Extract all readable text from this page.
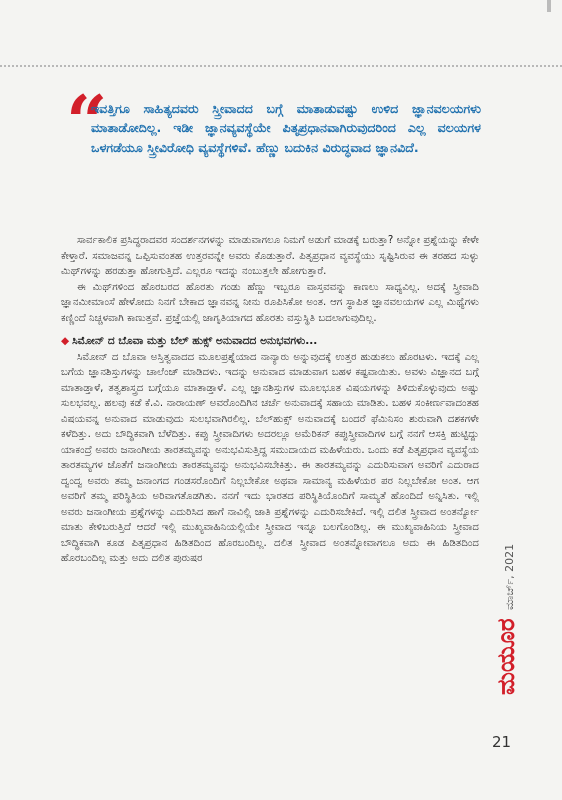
“

ಇವತ್ತಿಗೂ ಸಾಹಿತ್ಯದವರು ಸ್ತ್ರೀವಾದದ ಬಗ್ಗೆ ಮಾತಾಡುವಷ್ಟು ಉಳಿದ ಜ್ಞಾನವಲಯಗಳು ಮಾತಾಡೋದಿಲ್ಲ. ಇಡೀ ಜ್ಞಾನವ್ಯವಸ್ಥೆಯೇ ಪಿತೃಪ್ರಧಾನವಾಗಿರುವುದರಿಂದ ಎಲ್ಲ ವಲಯಗಳ ಒಳಗಡೆಯೂ ಸ್ತ್ರೀವಿರೋಧಿ ವ್ಯವಸ್ಥೆಗಳಿವೆ. ಹೆಣ್ಣು ಬದುಕಿನ ವಿರುದ್ಧವಾದ ಜ್ಞಾನವಿದೆ.

ಸಾರ್ವಕಾಲಿಕ ಪ್ರಸಿದ್ಧರಾದವರ ಸಂದರ್ಶನಗಳನ್ನು ಮಾಡುವಾಗಲೂ ನಿಮಗೆ ಅಡುಗೆ ಮಾಡಕ್ಕೆ ಬರುತ್ತಾ? ಅನ್ನೋ ಪ್ರಶ್ನೆಯನ್ನು ಕೇಳೇ ಕೇಳ್ತಾರೆ. ಸಮಾಜವನ್ನ ಒಪ್ಪಿಸುವಂತಹ ಉತ್ತರವನ್ನೇ ಅವರು ಕೊಡುತ್ತಾರೆ. ಪಿತೃಪ್ರಧಾನ ವ್ಯವಸ್ಥೆಯು ಸೃಷ್ಟಿಸಿರುವ ಈ ತರಹದ ಸುಳ್ಳು ಮಿಥ್‌ಗಳನ್ನು ಹರಡುತ್ತಾ ಹೋಗುತ್ತಿದೆ. ಎಲ್ಲರೂ ಇದನ್ನು ನಂಬುತ್ತಲೇ ಹೋಗುತ್ತಾರೆ.

ಈ ಮಿಥ್‌ಗಳಿಂದ ಹೊರಬರದ ಹೊರತು ಗಂಡು ಹೆಣ್ಣು ಇಬ್ಬರೂ ವಾಸ್ತವವನ್ನು ಕಾಣಲು ಸಾಧ್ಯವಿಲ್ಲ. ಅದಕ್ಕೆ ಸ್ತ್ರೀವಾದಿ ಜ್ಞಾನಮೀಮಾಂಸೆ ಹೇಳೋದು ನಿನಗೆ ಬೇಕಾದ ಜ್ಞಾನವನ್ನ ನೀನು ರೂಪಿಸಿಕೋ ಅಂತ. ಆಗ ಸ್ಥಾಪಿತ ಜ್ಞಾನವಲಯಗಳ ಎಲ್ಲ ಮಿಥ್ಯೆಗಳು ಕಣ್ಣಿಂದೆ ನಿಚ್ಚಳವಾಗಿ ಕಾಣುತ್ತವೆ. ಪ್ರಜ್ಞೆಯಲ್ಲಿ ಜಾಗೃತಿಯಾಗದ ಹೊರತು ವಸ್ತುಸ್ಥಿತಿ ಬದಲಾಗುವುದಿಲ್ಲ.

◆ ಸಿಮೋನ್ ದ ಬೊವಾ ಮತ್ತು ಬೆಲ್ ಹುಕ್ಸ್ ಅನುವಾದದ ಅನುಭವಗಳು...

ಸಿಮೋನ್ ದ ಬೊವಾ ಅಸ್ತಿತ್ವವಾದದ ಮೂಲಪ್ರಶ್ನೆಯಾದ ನಾನ್ಯಾರು ಅನ್ನುವುದಕ್ಕೆ ಉತ್ತರ ಹುಡುಕಲು ಹೊರಟಳು. ಇದಕ್ಕೆ ಎಲ್ಲ ಬಗೆಯ ಜ್ಞಾನಶಿಸ್ತುಗಳನ್ನು ಚಾಲೆಂಜ್ ಮಾಡಿದಳು. ಇದನ್ನು ಅನುವಾದ ಮಾಡುವಾಗ ಬಹಳ ಕಷ್ಟವಾಯಿತು. ಅವಳು ವಿಜ್ಞಾನದ ಬಗ್ಗೆ ಮಾತಾಡ್ತಾಳೆ, ತತ್ವಶಾಸ್ತ್ರದ ಬಗ್ಗೆಯೂ ಮಾತಾಡ್ತಾಳೆ. ಎಲ್ಲ ಜ್ಞಾನಶಿಸ್ತುಗಳ ಮೂಲಭೂತ ವಿಷಯಗಳನ್ನು ತಿಳಿದುಕೊಳ್ಳುವುದು ಅಷ್ಟು ಸುಲಭವಲ್ಲ. ಹಲವು ಕಡೆ ಕೆ.ವಿ. ನಾರಾಯಣ್ ಅವರೊಂದಿಗಿನ ಚರ್ಚೆ ಅನುವಾದಕ್ಕೆ ಸಹಾಯ ಮಾಡಿತು. ಬಹಳ ಸಂಕೀರ್ಣವಾದಂತಹ ವಿಷಯವನ್ನ ಅನುವಾದ ಮಾಡುವುದು ಸುಲಭವಾಗಿರಲಿಲ್ಲ. ಬೆಲ್‌ಹುಕ್ಸ್ ಅನುವಾದಕ್ಕೆ ಬಂದರೆ ಫೆಮಿನಿಸಂ ಶುರುವಾಗಿ ದಶಕಗಳೇ ಕಳೆದಿತ್ತು. ಅದು ಬೌದ್ಧಿಕವಾಗಿ ಬೆಳೆದಿತ್ತು. ಕಪ್ಪು ಸ್ತ್ರೀವಾದಿಗಳು ಅದರಲ್ಲೂ ಅಮೆರಿಕನ್ ಕಪ್ಪುಸ್ತ್ರೀವಾದಿಗಳ ಬಗ್ಗೆ ನನಗೆ ಆಸಕ್ತಿ ಹುಟ್ಟಿದ್ದು ಯಾಕಂದ್ರೆ ಅವರು ಜನಾಂಗೀಯ ತಾರತಮ್ಯವನ್ನು ಅನುಭವಿಸುತ್ತಿದ್ದ ಸಮುದಾಯದ ಮಹಿಳೆಯರು. ಒಂದು ಕಡೆ ಪಿತೃಪ್ರಧಾನ ವ್ಯವಸ್ಥೆಯ ತಾರತಮ್ಯಗಳ ಜೊತೆಗೆ ಜನಾಂಗೀಯ ತಾರತಮ್ಯವನ್ನು ಅನುಭವಿಸಬೇಕಿತ್ತು. ಈ ತಾರತಮ್ಯವನ್ನು ಎದುರಿಸುವಾಗ ಅವರಿಗೆ ಎದುರಾದ ದ್ವಂದ್ವ ಅವರು ತಮ್ಮ ಜನಾಂಗದ ಗಂಡಸರೊಂದಿಗೆ ನಿಲ್ಲಬೇಕೋ ಅಥವಾ ಸಾಮಾನ್ಯ ಮಹಿಳೆಯರ ಪರ ನಿಲ್ಲಬೇಕೋ ಅಂತ. ಆಗ ಅವರಿಗೆ ತಮ್ಮ ಪರಿಸ್ಥಿತಿಯ ಅರಿವಾಗತೊಡಗಿತು. ನನಗೆ ಇದು ಭಾರತದ ಪರಿಸ್ಥಿತಿಯೊಂದಿಗೆ ಸಾಮ್ಯತೆ ಹೊಂದಿದೆ ಅನ್ನಿಸಿತು. ಇಲ್ಲಿ ಅವರು ಜನಾಂಗೀಯ ಪ್ರಶ್ನೆಗಳನ್ನು ಎದುರಿಸಿದ ಹಾಗೆ ನಾವಿಲ್ಲಿ ಜಾತಿ ಪ್ರಶ್ನೆಗಳನ್ನು ಎದುರಿಸಬೇಕಿದೆ. ಇಲ್ಲಿ ದಲಿತ ಸ್ತ್ರೀವಾದ ಅಂತರ್ನ್ಯೋ ಮಾತು ಕೇಳಿಬರುತ್ತಿದೆ ಆದರೆ ಇಲ್ಲಿ ಮುಖ್ಯವಾಹಿನಿಯಲ್ಲಿಯೇ ಸ್ತ್ರೀವಾದ ಇನ್ನೂ ಬಲಗೊಂಡಿಲ್ಲ. ಈ ಮುಖ್ಯವಾಹಿನಿಯ ಸ್ತ್ರೀವಾದ ಬೌದ್ಧಿಕವಾಗಿ ಕೂಡ ಪಿತೃಪ್ರಧಾನ ಹಿಡಿತದಿಂದ ಹೊರಬಂದಿಲ್ಲ. ದಲಿತ ಸ್ತ್ರೀವಾದ ಅಂತನ್ನೋವಾಗಲೂ ಅದು ಈ ಹಿಡಿತದಿಂದ ಹೊರಬಂದಿಲ್ಲ ಮತ್ತು ಅದು ದಲಿತ ಪುರುಷರ

ಮಯೂರ
ಮಾರ್ಚ್, 2021
21
